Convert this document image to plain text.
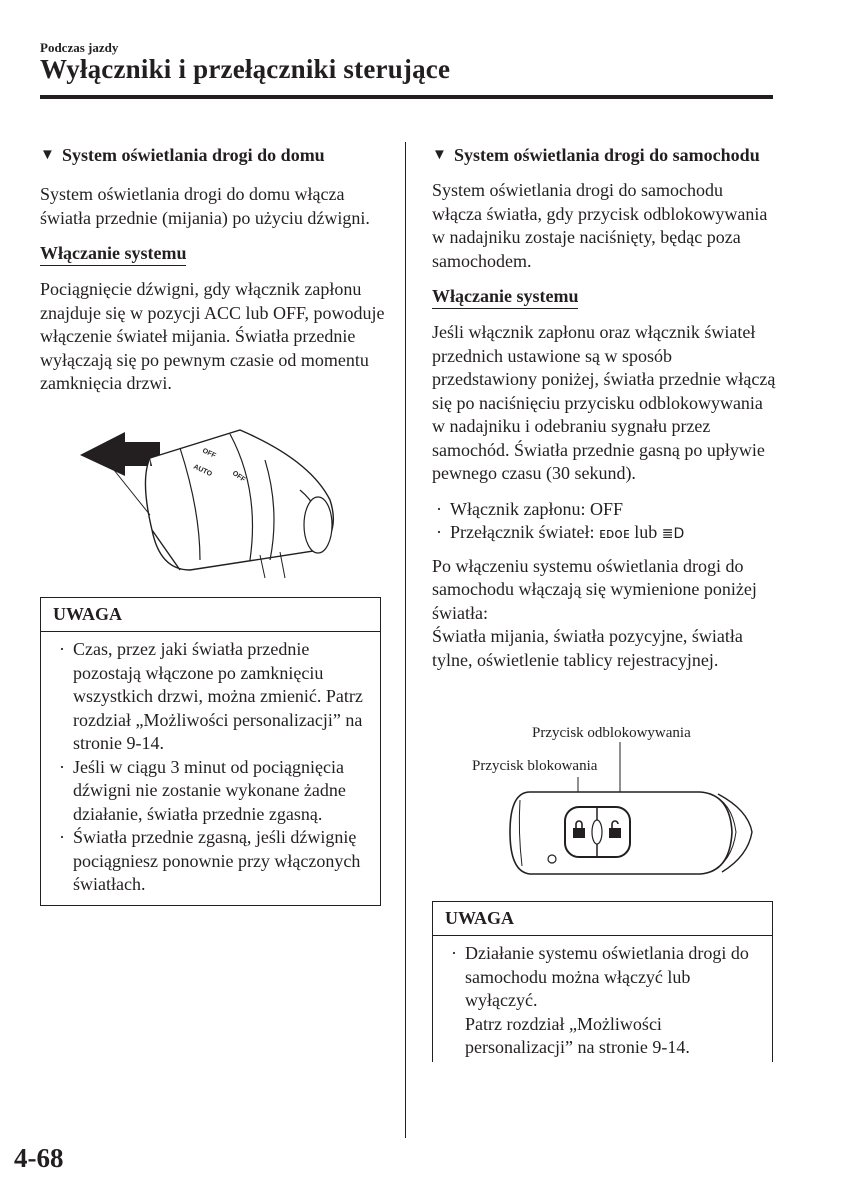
Podczas jazdy
Wyłączniki i przełączniki sterujące
▼ System oświetlania drogi do domu

System oświetlania drogi do domu włącza światła przednie (mijania) po użyciu dźwigni.

Włączanie systemu

Pociągnięcie dźwigni, gdy włącznik zapłonu znajduje się w pozycji ACC lub OFF, powoduje włączenie świateł mijania. Światła przednie wyłączają się po pewnym czasie od momentu zamknięcia drzwi.

OFF
AUTO	OFF
UWAGA
· Czas, przez jaki światła przednie pozostają włączone po zamknięciu wszystkich drzwi, można zmienić. Patrz rozdział „Możliwości personalizacji” na stronie 9-14.
· Jeśli w ciągu 3 minut od pociągnięcia dźwigni nie zostanie wykonane żadne działanie, światła przednie zgasną.
· Światła przednie zgasną, jeśli dźwignię pociągniesz ponownie przy włączonych światłach.
▼ System oświetlania drogi do samochodu

System oświetlania drogi do samochodu włącza światła, gdy przycisk odblokowywania w nadajniku zostaje naciśnięty, będąc poza samochodem.

Włączanie systemu

Jeśli włącznik zapłonu oraz włącznik świateł przednich ustawione są w sposób przedstawiony poniżej, światła przednie włączą się po naciśnięciu przycisku odblokowywania w nadajniku i odebraniu sygnału przez samochód. Światła przednie gasną po upływie pewnego czasu (30 sekund).

· Włącznik zapłonu: OFF
· Przełącznik świateł: ᴇᴅᴏᴇ lub ≣D

Po włączeniu systemu oświetlania drogi do samochodu włączają się wymienione poniżej światła:

Światła mijania, światła pozycyjne, światła tylne, oświetlenie tablicy rejestracyjnej.

Przycisk odblokowywania
Przycisk blokowania
UWAGA
· Działanie systemu oświetlania drogi do samochodu można włączyć lub wyłączyć.
Patrz rozdział „Możliwości personalizacji” na stronie 9-14.
4-68
